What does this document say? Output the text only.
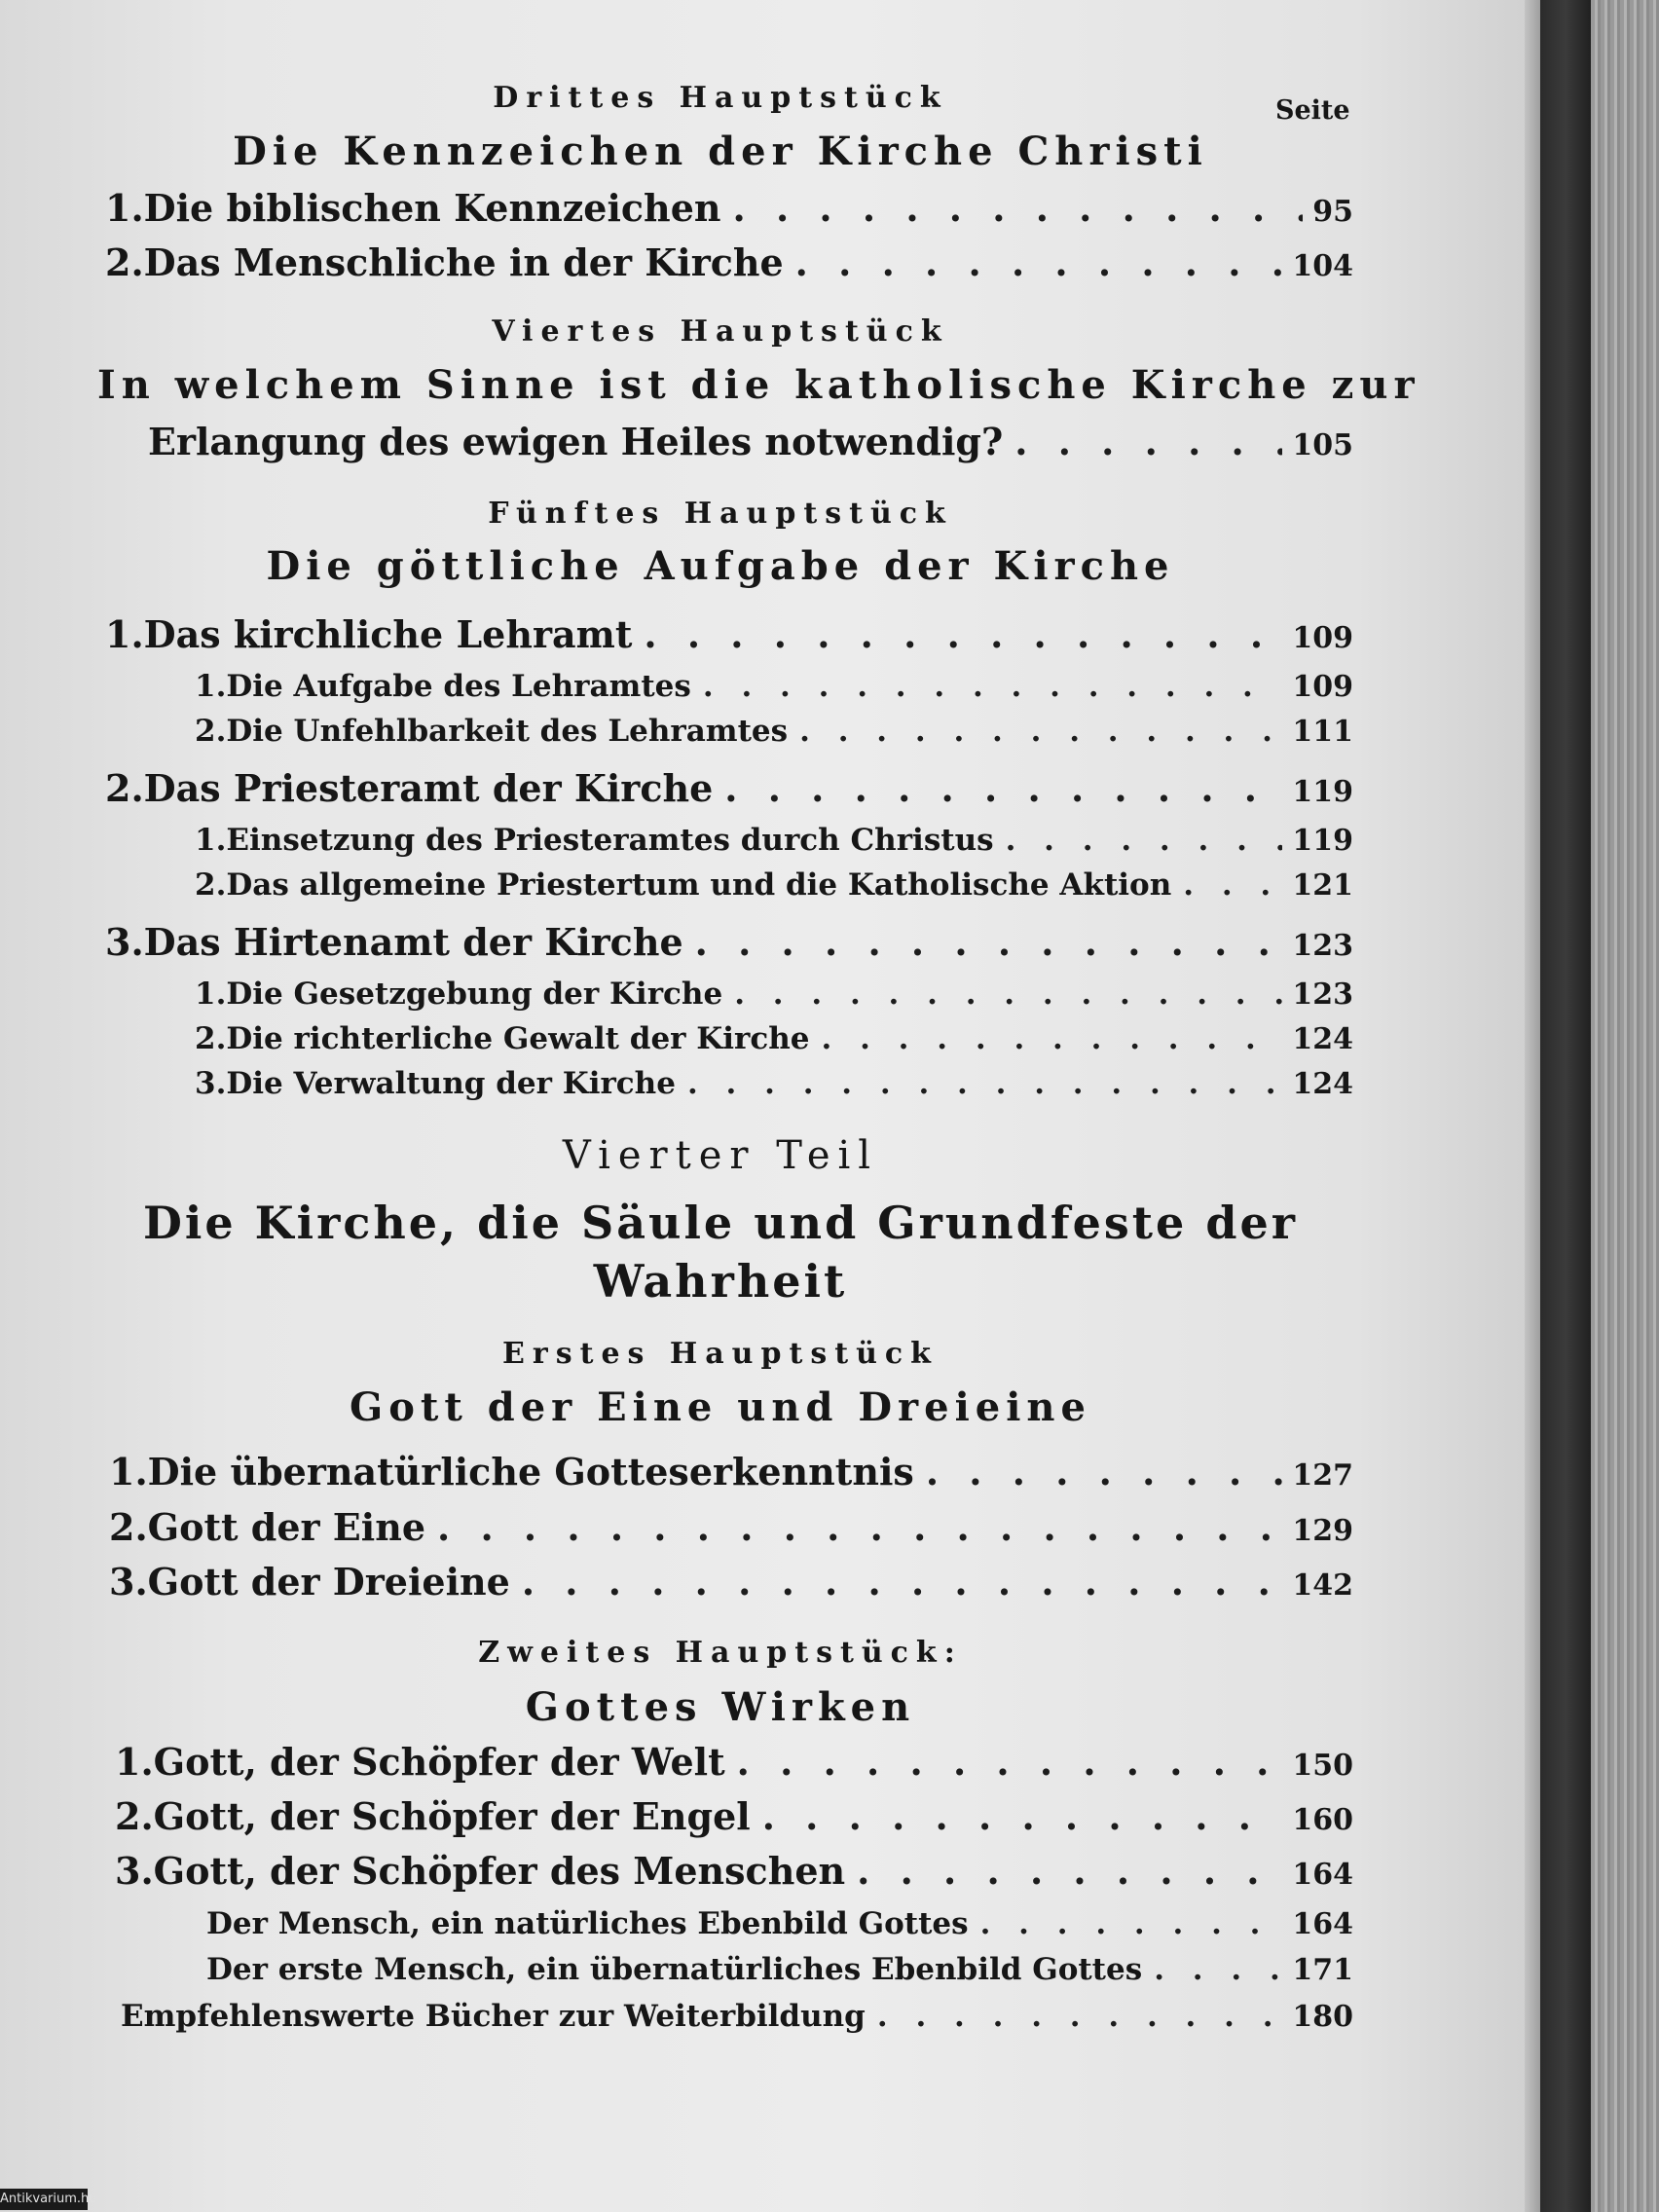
Seite
Drittes Hauptstück
Die Kennzeichen der Kirche Christi
Viertes Hauptstück
In welchem Sinne ist die katholische Kirche zur
Fünftes Hauptstück
Die göttliche Aufgabe der Kirche
Vierter Teil
Die Kirche, die Säule und Grundfeste der
Wahrheit
Erstes Hauptstück
Gott der Eine und Dreieine
Zweites Hauptstück:
Gottes Wirken
1. Die biblischen Kennzeichen . . .	95
2. Das Menschliche in der Kirche . . .	104
Erlangung des ewigen Heiles notwendig? . . .	105
1. Das kirchliche Lehramt . . .	109
1. Die Aufgabe des Lehramtes . . .	109
2. Die Unfehlbarkeit des Lehramtes . . .	111
2. Das Priesteramt der Kirche . . .	119
1. Einsetzung des Priesteramtes durch Christus . . .	119
2. Das allgemeine Priestertum und die Katholische Aktion . . .	121
3. Das Hirtenamt der Kirche . . .	123
1. Die Gesetzgebung der Kirche . . .	123
2. Die richterliche Gewalt der Kirche . . .	124
3. Die Verwaltung der Kirche . . .	124
1. Die übernatürliche Gotteserkenntnis . . .	127
2. Gott der Eine . . .	129
3. Gott der Dreieine . . .	142
1. Gott, der Schöpfer der Welt . . .	150
2. Gott, der Schöpfer der Engel . . .	160
3. Gott, der Schöpfer des Menschen . . .	164
Der Mensch, ein natürliches Ebenbild Gottes . . .	164
Der erste Mensch, ein übernatürliches Ebenbild Gottes . . .	171
Empfehlenswerte Bücher zur Weiterbildung . . .	180
Antikvarium.hu
